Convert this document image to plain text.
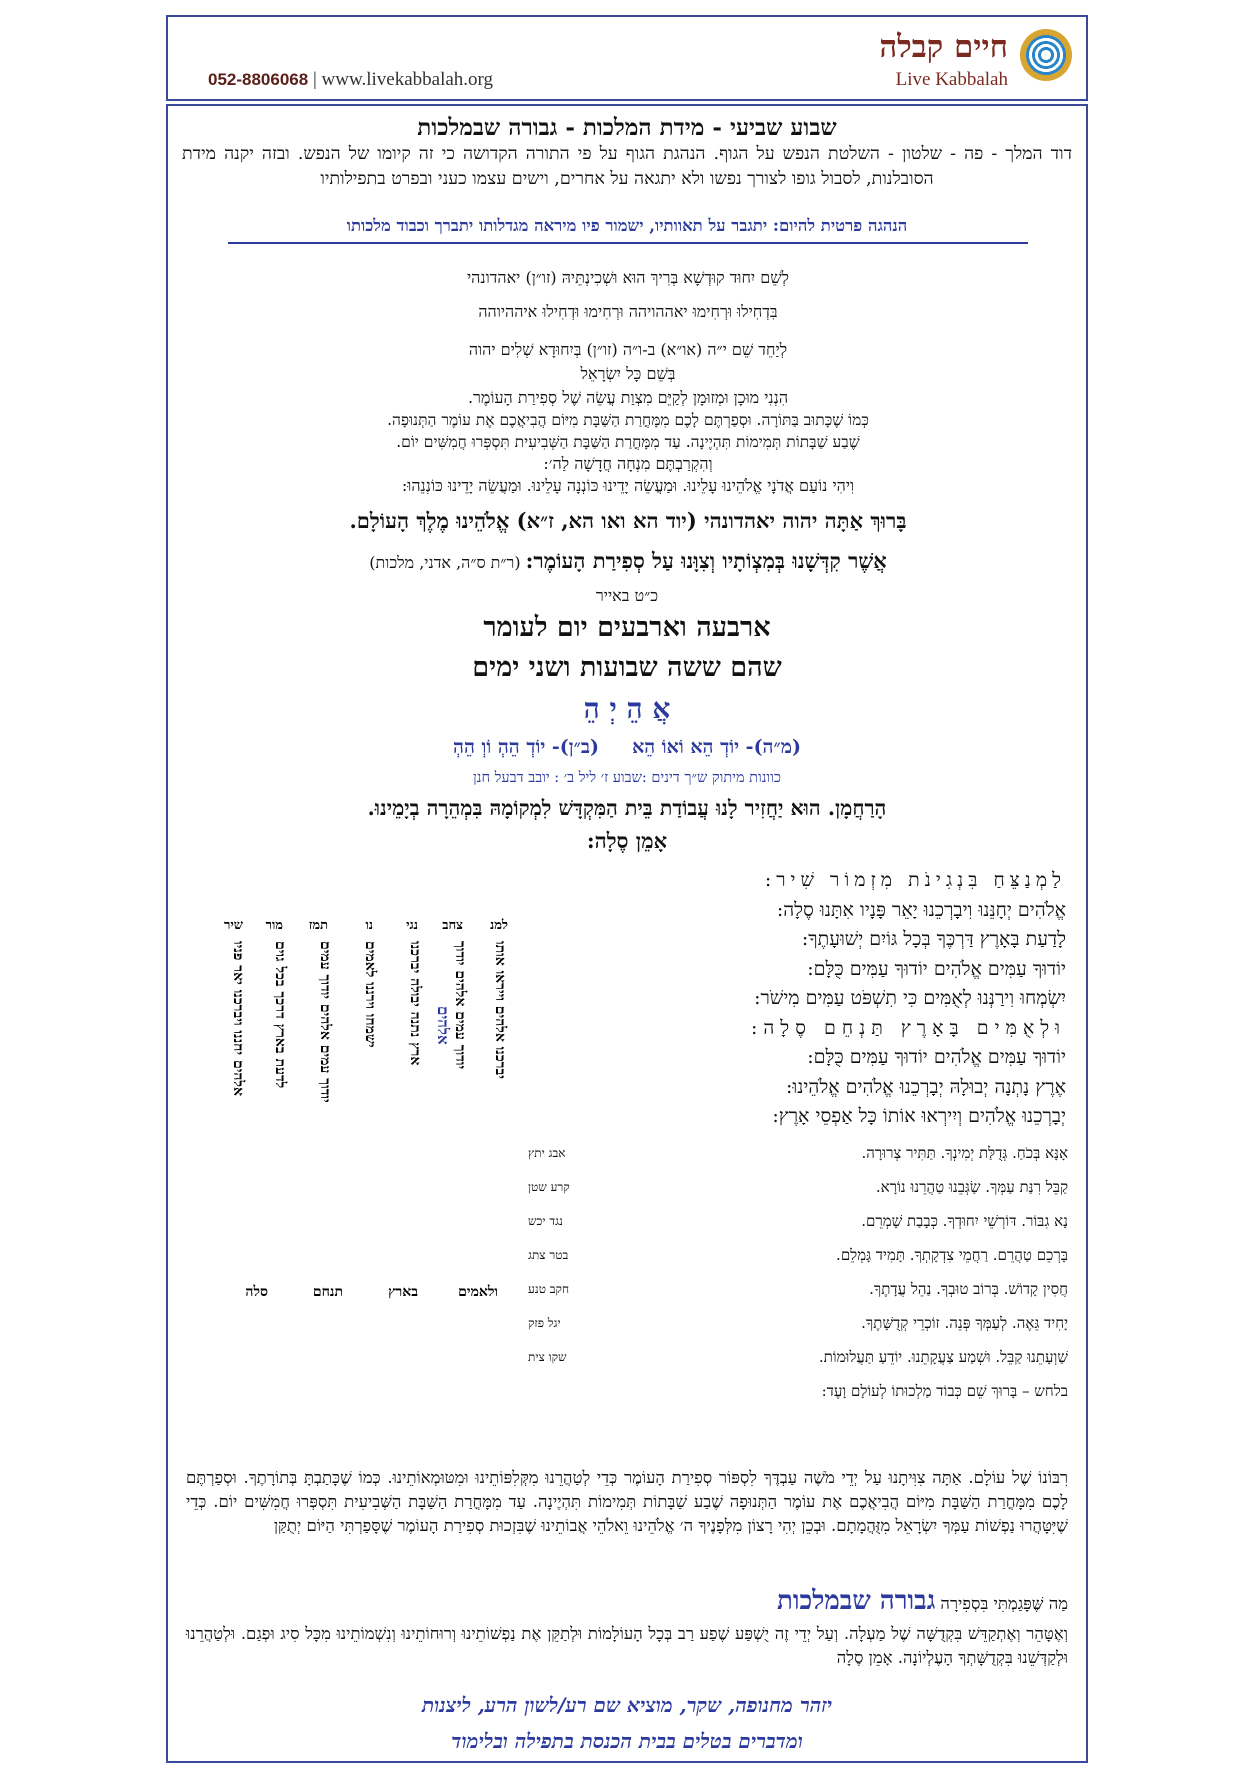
חיים קבלה
Live Kabbalah
052-8806068 | www.livekabbalah.org
שבוע שביעי - מידת המלכות - גבורה שבמלכות
דוד המלך - פה - שלטון - השלטת הנפש על הגוף. הנהגת הגוף על פי התורה הקדושה כי זה קיומו של הנפש. ובזה יקנה מידת הסובלנות, לסבול גופו לצורך נפשו ולא יתגאה על אחרים, וישים עצמו כעני ובפרט בתפילותיו
הנהגה פרטית להיום: יתגבר על תאוותיו, ישמור פיו מיראה מגדלותו יתברך וכבוד מלכותו
לְשֵׁם יִחוּד קוּדְשָׁא בְּרִיךְ הוּא וּשְׁכִינְתֵּיהּ (זו״ן) יאהדונהי
בִּדְחִילוּ וּרְחִימוּ יאההויהה וּרְחִימוּ וּדְחִילוּ איההיוהה
לְיַחֵד שֵׁם י״ה (או״א) ב-ו״ה (זו״ן) בְּיִחוּדָא שְׁלִים יהוה
בְּשֵׁם כָּל יִשְׂרָאֵל
הִנְנִי מוּכָן וּמְזוּמָן לְקַיֵּם מִצְוַת עֲשֵׂה שֶׁל סְפִירַת הָעוֹמֶר.
כְּמוֹ שֶׁכָּתוּב בַּתּוֹרָה. וּסְפַרְתֶּם לָכֶם מִמָּחֳרַת הַשַּׁבָּת מִיּוֹם הֲבִיאֲכֶם אֶת עוֹמֶר הַתְּנוּפָה.
שֶׁבַע שַׁבָּתוֹת תְּמִימוֹת תִּהְיֶינָה. עַד מִמָּחֳרַת הַשַּׁבָּת הַשְּׁבִיעִית תִּסְפְּרוּ חֲמִשִּׁים יוֹם.
וְהִקְרַבְתֶּם מִנְחָה חֲדָשָׁה לַה׳:
וִיהִי נוֹעַם אֲדֹנָי אֱלֹהֵינוּ עָלֵינוּ. וּמַעֲשֵׂה יָדֵינוּ כּוֹנְנָה עָלֵינוּ. וּמַעֲשֵׂה יָדֵינוּ כּוֹנְנֵהוּ:
בָּרוּךְ אַתָּה יהוה יאהדונהי (יוד הא ואו הא, ז״א) אֱלֹהֵינוּ מֶלֶךְ הָעוֹלָם.
אֲשֶׁר קִדְּשָׁנוּ בְּמִצְוֹתָיו וְצִוָּנוּ עַל סְפִירַת הָעוֹמֶר: (ר״ת ס״ה, אדני, מלכות)
כ״ט באייר
ארבעה וארבעים יום לעומר
שהם ששה שבועות ושני ימים
אֲ הֵ יְ הֵ
(מ״ה)- יוֹדְ הֵא וֹאוֹ הֵא     (ב״ן)- יוֹדְ הֵהְ וֹוְ הֵהְ
כוונות מיתוק ש״ך דינים :שבוע ז׳ ליל ב׳ : יובב דבעל חנן
הָרַחֲמָן. הוּא יַחֲזִיר לָנוּ עֲבוֹדַת בֵּית הַמִּקְדָּשׁ לִמְקוֹמָהּ בִּמְהֵרָה בְיָמֵינוּ.
אָמֵן סֶלָה:
לַמְנַצֵּחַ בִּנְגִינֹת מִזְמוֹר שִׁיר:
אֱלֹהִים יְחָנֵּנוּ וִיבָרְכֵנוּ יָאֵר פָּנָיו אִתָּנוּ סֶלָה:
לָדַעַת בָּאָרֶץ דַּרְכֶּךָ בְּכָל גּוֹיִם יְשׁוּעָתֶךָ:
יוֹדוּךָ עַמִּים אֱלֹהִים יוֹדוּךָ עַמִּים כֻּלָּם:
יִשְׂמְחוּ וִירַנְּנוּ לְאֻמִּים כִּי תִשְׁפֹּט עַמִּים מִישֹׁר:
וּלְאֻמִּים בָּאָרֶץ תַּנְחֵם סֶלָה:
יוֹדוּךָ עַמִּים אֱלֹהִים יוֹדוּךָ עַמִּים כֻּלָּם:
אֶרֶץ נָתְנָה יְבוּלָהּ יְבָרְכֵנוּ אֱלֹהִים אֱלֹהֵינוּ:
יְבָרְכֵנוּ אֱלֹהִים וְיִירְאוּ אוֹתוֹ כָּל אַפְסֵי אָרֶץ:
אָנָּא בְּכֹחַ. גְּדֻלַּת יְמִינְךָ. תַּתִּיר צְרוּרָה.
אבג יתץ
קַבֵּל רִנַּת עַמְּךָ. שַׂגְּבֵנוּ טַהֲרֵנוּ נוֹרָא.
קרע שטן
נָא גִבּוֹר. דּוֹרְשֵׁי יִחוּדְךָ. כְּבָבַת שָׁמְרֵם.
נגד יכש
בָּרְכֵם טַהֲרֵם. רַחֲמֵי צִדְקָתְךָ. תָּמִיד גָּמְלֵם.
בטר צתג
חֲסִין קָדוֹשׁ. בְּרוֹב טוּבְךָ. נַהֵל עֲדָתֶךָ.
חקב טנע
יָחִיד גֵּאֶה. לְעַמְּךָ פְּנֵה. זוֹכְרֵי קְדֻשָּׁתֶךָ.
יגל פזק
שַׁוְעָתֵנוּ קַבֵּל. וּשְׁמַע צַעֲקָתֵנוּ. יוֹדֵעַ תַּעֲלוּמוֹת.
שקו צית
בלחש – בָּרוּךְ שֵׁם כְּבוֹד מַלְכוּתוֹ לְעוֹלָם וָעֶד:
למנ
צחב
נגי
נו
תמז
מור
שיר
יברכנו אלהים וייראו אותו
יודוך עמים אלהים יודוך
ארץ נתנה יבולה יברכנו
ישמחו וירננו לאמים
יודוך עמים אלהים יודוך עמים
לדעת בארץ דרכך בכל גוים
אלהים יחננו ויברכנו יאר פניו	אלהים
ולאמים
בארץ
תנחם
סלה
רִבּוֹנוֹ שֶׁל עוֹלָם. אַתָּה צִוִּיתָנוּ עַל יְדֵי מֹשֶׁה עַבְדֶּךָ לִסְפּוֹר סְפִירַת הָעוֹמֶר כְּדֵי לְטַהֲרֵנוּ מִקְּלִפּוֹתֵינוּ וּמִטּוּמְאוֹתֵינוּ. כְּמוֹ שֶׁכָּתַבְתָּ בְּתוֹרָתֶךָ. וּסְפַרְתֶּם לָכֶם מִמָּחֳרַת הַשַּׁבָּת מִיּוֹם הֲבִיאֲכֶם אֶת עוֹמֶר הַתְּנוּפָה שֶׁבַע שַׁבָּתוֹת תְּמִימוֹת תִּהְיֶינָה. עַד מִמָּחֳרַת הַשַּׁבָּת הַשְּׁבִיעִית תִּסְפְּרוּ חֲמִשִּׁים יוֹם. כְּדֵי שֶׁיִּטָּהֲרוּ נַפְשׁוֹת עַמְּךָ יִשְׂרָאֵל מִזֻּהֲמָתָם. וּבְכֵן יְהִי רָצוֹן מִלְּפָנֶיךָ ה׳ אֱלֹהֵינוּ וֵאלֹהֵי אֲבוֹתֵינוּ שֶׁבִּזְכוּת סְפִירַת הָעוֹמֶר שֶׁסָּפַרְתִּי הַיּוֹם יְתֻקַּן
מַה שֶּׁפָּגַמְתִּי בִּסְפִירָה גבורה שבמלכות
וְאֶטָּהֵר וְאֶתְקַדֵּשׁ בִּקְדֻשָּׁה שֶׁל מַעְלָה. וְעַל יְדֵי זֶה יֻשְׁפַּע שֶׁפַע רַב בְּכָל הָעוֹלָמוֹת וּלְתַקֵּן אֶת נַפְשׁוֹתֵינוּ וְרוּחוֹתֵינוּ וְנִשְׁמוֹתֵינוּ מִכָּל סִיג וּפְגַם. וּלְטַהֲרֵנוּ וּלְקַדְּשֵׁנוּ בִּקְדֻשָּׁתְךָ הָעֶלְיוֹנָה. אָמֵן סֶלָה
יזהר מחנופה, שקר, מוציא שם רע/לשון הרע, ליצנות
ומדברים בטלים בבית הכנסת בתפילה ובלימוד
